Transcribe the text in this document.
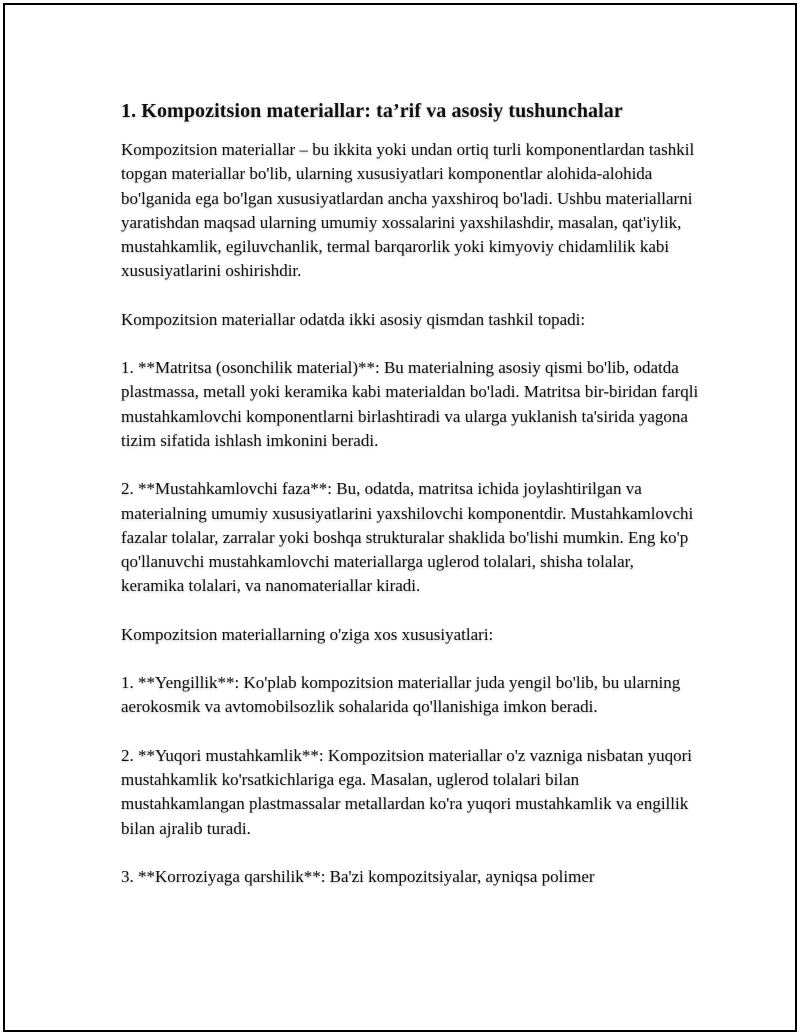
1. Kompozitsion materiallar: ta’rif va asosiy tushunchalar

Kompozitsion materiallar – bu ikkita yoki undan ortiq turli komponentlardan tashkil topgan materiallar bo'lib, ularning xususiyatlari komponentlar alohida-alohida bo'lganida ega bo'lgan xususiyatlardan ancha yaxshiroq bo'ladi. Ushbu materiallarni yaratishdan maqsad ularning umumiy xossalarini yaxshilashdir, masalan, qat'iylik, mustahkamlik, egiluvchanlik, termal barqarorlik yoki kimyoviy chidamlilik kabi xususiyatlarini oshirishdir.

Kompozitsion materiallar odatda ikki asosiy qismdan tashkil topadi:

1. **Matritsa (osonchilik material)**: Bu materialning asosiy qismi bo'lib, odatda plastmassa, metall yoki keramika kabi materialdan bo'ladi. Matritsa bir-biridan farqli mustahkamlovchi komponentlarni birlashtiradi va ularga yuklanish ta'sirida yagona tizim sifatida ishlash imkonini beradi.

2. **Mustahkamlovchi faza**: Bu, odatda, matritsa ichida joylashtirilgan va materialning umumiy xususiyatlarini yaxshilovchi komponentdir. Mustahkamlovchi fazalar tolalar, zarralar yoki boshqa strukturalar shaklida bo'lishi mumkin. Eng ko'p qo'llanuvchi mustahkamlovchi materiallarga uglerod tolalari, shisha tolalar, keramika tolalari, va nanomateriallar kiradi.

Kompozitsion materiallarning o'ziga xos xususiyatlari:

1. **Yengillik**: Ko'plab kompozitsion materiallar juda yengil bo'lib, bu ularning aerokosmik va avtomobilsozlik sohalarida qo'llanishiga imkon beradi.

2. **Yuqori mustahkamlik**: Kompozitsion materiallar o'z vazniga nisbatan yuqori mustahkamlik ko'rsatkichlariga ega. Masalan, uglerod tolalari bilan mustahkamlangan plastmassalar metallardan ko'ra yuqori mustahkamlik va engillik bilan ajralib turadi.

3. **Korroziyaga qarshilik**: Ba'zi kompozitsiyalar, ayniqsa polimer
